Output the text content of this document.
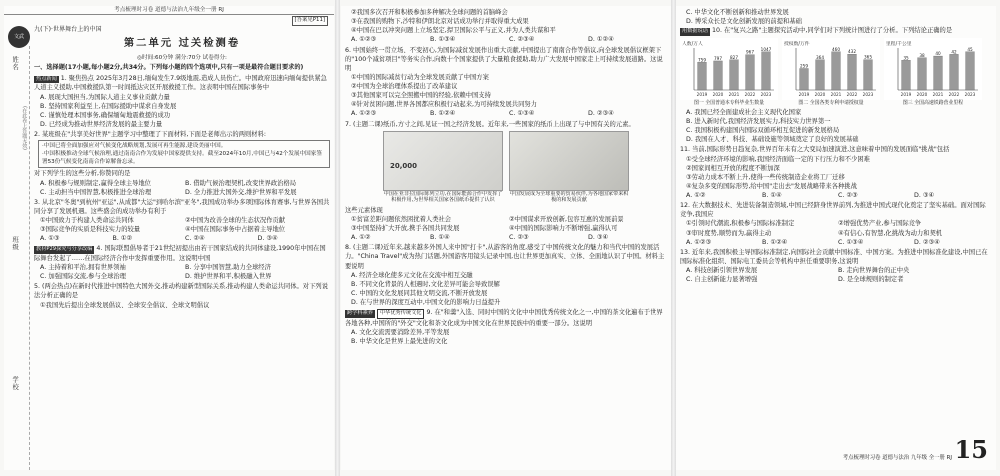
考点梳理时习卷 道德与法治九年级全一册 RJ
[答案见P11]
文武
姓名
(在此卷上答题无效)
班级
学校
九(下)·世界舞台上的中国
第二单元 过关检测卷
◎时间:60分钟 满分:70分 试卷得分:
一、选择题(17小题,每小题2分,共34分。下列每小题的四个选项中,只有一项是最符合题目要求的)
热点新闻 1. 聚焦热点 2025年3月28日,缅甸发生7.9级地震,造成人员伤亡。中国政府迅速向缅甸提供紧急人道主义援助,中国救援队第一时间抵达灾区开展救援工作。这表明中国在国际事务中
A. 展现大国担当,为国际人道主义事业贡献力量
B. 坚持国家利益至上,在国际援助中谋求自身发展
C. 谨慎处理本国事务,确保缅甸地震救援的成功
D. 已经成为推动世界经济发展的最主要力量
2. 某班级在"共享美好世界"主题学习中整理了下面材料,下面是老师出示的两则材料:
·中国已将全面加强应对气候变化战略规划,发展可再生能源,建设美丽中国。
·中国积极推动全球气候治理,通过南南合作为发展中国家提供支持。截至2024年10月,中国已与42个发展中国家签署53份气候变化南南合作谅解备忘录。
对下列学生的这些分析,你赞同的是
A. 积极参与规则制定,赢得全球主导地位	B. 借助气候治理契机,改变世界政治格局
C. 主动担当中国智慧,积极推进全球治理	D. 全力推进大国外交,维护世界和平发展
3. 从北京"冬奥"到杭州"亚运",从成都"大运"到哈尔滨"亚冬",我国成功举办多项国际体育赛事,与世界各国共同分享了发展机遇。这些盛会的成功举办有利于
①中国致力于构建人类命运共同体	②中国为改善全球的生态状况作贡献
③国际竞争的实质是科技实力的较量	④中国在国际事务中占据着主导地位
A. ①③	B. ①②	C. ②④	D. ③④
教材P29探究与分享改编 4. 国际联盟倡导者于21世纪初提出由若干国家结成的共同体建设,1990年中国在国际舞台发起了……在国际经济合作中发挥重要作用。这说明中国
A. 主持着和平治,拥有世界领袖	B. 分享中国智慧,助力全球经济
C. 加强国际交流,参与全球治理	D. 维护世界和平,积极融入世界
5. (两会热点)在新时代推进中国特色大国外交,推动构建新型国际关系,推动构建人类命运共同体。对下列说法分析正确的是
①我国先后提出全球发展倡议、全球安全倡议、全球文明倡议
②我国多次召开和积极参加多种解决全球问题的首脑峰会
③在我国的购物下,沙特和伊朗北京对话成功举行并取得重大成果
④中国在巴以冲突问题上立场坚定,捍卫国际公平与正义,并为人类共谋和平
A. ①②③	B. ①③④	C. ②③④	D. ①②④
6. 中国始终一贯立场、不变初心,为国际减贫发展作出重大贡献,中国提出了南南合作等倡议,向全球发展倡议框架下的"100个减贫项目"等务实合作,向数十个国家提供了大量粮食援助,助力广大发展中国家走上可持续发展道路。这说明
①中国的国际减贫行动为全球发展贡献了中国方案
②中国为全球治理体系提出了改革建议
③其他国家可以完全照搬中国的经验,依赖中国支持
④针对贫困问题,世界各国都应积极行动起来,为可持续发展共同努力
A. ①②③	B. ①②④	C. ①③④	D. ②③④
7. (主题二课)纸币,方寸之间,见证一国之经济发展。近年来,一些国家的纸币上出现了与中国有关的元素。
20,000
中国在亚非拉国际陈列立功,在国际能源合作中发挥了积极作用,为世界相关国家各国纸币提供了认识
中国发展成为全球重要的贸易伙伴,为各地国家带来积极的和发展贡献
这些元素体现
①贫富差距问题依然困扰着人类社会	②中国谋求开放创新,包容互惠的发展前景
③中国坚持扩大开放,携手各国共同发展	④中国的国际影响力不断增强,赢得认可
A. ①②	B. ①④	C. ②③	D. ③④
8. (主题二课)近年来,越来越多外国人来中国"打卡",从游客的角度,感受了中国传统文化的魅力和当代中国的发展活力。"China Travel"成为热门话题,外国游客用镜头记录中国,也让世界更加真实、立体、全面地认识了中国。材料主要说明
A. 经济全球化使多元文化在交流中相互交融
B. 不同文化背景的人相遇时,文化差异可能会导致误解
C. 中国的文化发展同其他文明交流,不断开放发展
D. 在与世界的深度互动中,中国文化的影响力日益提升
跨学科素养 中华优秀传统文化 9. 在"和羹"入选、同时中国的文化中中国优秀传统文化之一,中国的茶文化遍布于世界各地各种,中国所的"外交"文化和茶文化成为中国文化在世界民族中的重要一部分。这说明
A. 文化交流需要消除差异,平等发展
B. 中华文化是世界上最先进的文化
C. 中华文化不断创新和推动世界发展
D. 博采众长是文化创新发展的前提和基础
用数据说话 10. 在"复兴之路"主题探究活动中,同学们对下列统计图进行了分析。下列结论正确的是
人数/万人
759
2019
797
2020
827
2021
967
2022
1047
2023
图一 全国普通本专科毕业生数量
授权数/万件
259
2019
364
2020
460
2021
432
2022
365
2023
图二 全国各类专利申请授权量
里程/千公里
35
2019
38
2020
40
2021
42
2022
45
2023
图三 全国高速铁路营业里程
A. 我国已经全面建成社会主义现代化国家
B. 进入新时代,我国经济发展实力,科技实力世界第一
C. 我国积极构建国内国际双循环相互促进的新发展格局
D. 我国在人才、科技、基础设施等领域奠定了良好的发展基础
11. 当前,国际形势日趋复杂,世界百年未有之大变局加速演进,这意味着中国的发展面临"挑战"包括
①受全球经济环境的影响,我国经济面临一定的下行压力和不少困难
②国家间相互开放的程度不断加深
③劳动力成本不断上升,使得一些传统制造企业将工厂迁移
④复杂多变的国际形势,给中国"走出去"发展战略带来各种挑战
A. ①②	B. ①④	C. ②③	D. ③④
12. 在大数据技术、先进装备制造领域,中国已经跻身世界前列,为推进中国式现代化奠定了坚实基础。面对国际竞争,我国应
①引领时代潮流,积极参与国际标准制定	②增强优势产业,参与国际竞争
③审时度势,顺势而为,赢得主动	④有信心,有智慧,化挑战为动力和契机
A. ①②③	B. ①②④	C. ①③④	D. ②③④
13. 近年来,我国积极主导国际标准制定,向国际社会贡献中国标准、中国方案。为推进中国标准化建设,中国已在国际标准化组织、国际电工委员会等机构中担任重要职务,这说明
A. 科技创新引领世界发展	B. 走向世界舞台的正中央
C. 自主创新能力显著增强	D. 是全球规则的制定者
考点梳理时习卷 道德与法治 九年级 全一册 RJ 15
